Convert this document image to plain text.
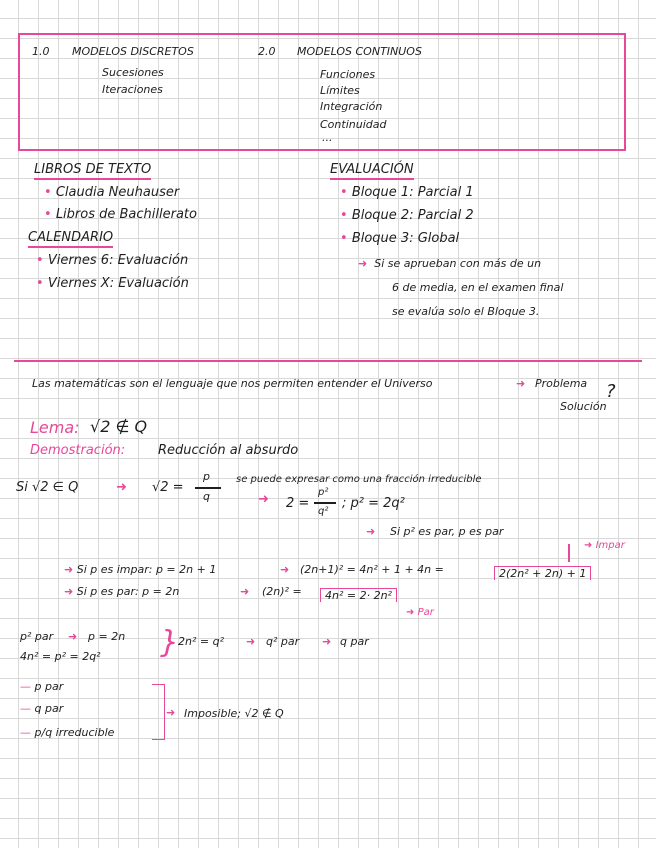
1.0 MODELOS DISCRETOS
Sucesiones
Iteraciones
2.0 MODELOS CONTINUOS
Funciones
Límites
Integración
Continuidad
...
LIBROS DE TEXTO
• Claudia Neuhauser
• Libros de Bachillerato
CALENDARIO
• Viernes 6: Evaluación
• Viernes X: Evaluación
EVALUACIÓN
• Bloque 1: Parcial 1
• Bloque 2: Parcial 2
• Bloque 3: Global
➜ Si se aprueban con más de un
6 de media, en el examen final
se evalúa solo el Bloque 3.
Las matemáticas son el lenguaje que nos permiten entender el Universo	➜ Problema
Solución
?
Lema: √2 ∉ Q
Demostración:	Reducción al absurdo
Si √2 ∈ Q	➜ √2 =
p
q
se puede expresar como una fracción irreducible
➜ 2 =
p²
q²
; p² = 2q²
➜ Si p² es par, p es par
➜ Impar
➜ Si p es impar: p = 2n + 1	➜ (2n+1)² = 4n² + 1 + 4n =	2(2n² + 2n) + 1
➜ Si p es par: p = 2n	➜ (2n)² =	4n² = 2· 2n²
➜ Par
p² par ➜ p = 2n
4n² = p² = 2q² }
2n² = q² ➜ q² par ➜ q par
— p par
— q par
— p/q irreducible
➜ Imposible; √2 ∉ Q
